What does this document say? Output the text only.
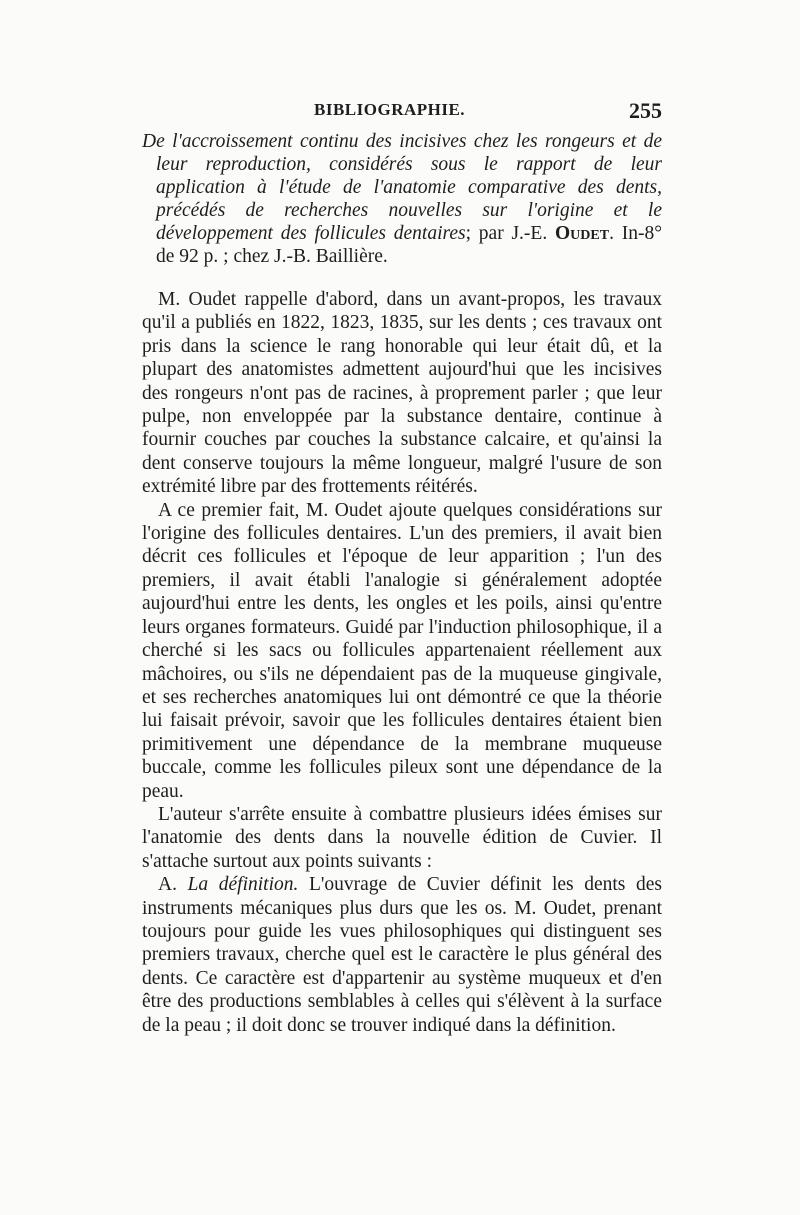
BIBLIOGRAPHIE.	255

De l'accroissement continu des incisives chez les rongeurs et de leur reproduction, considérés sous le rapport de leur application à l'étude de l'anatomie comparative des dents, précédés de recherches nouvelles sur l'origine et le développement des follicules dentaires; par J.-E. Oudet. In-8° de 92 p. ; chez J.-B. Baillière.

M. Oudet rappelle d'abord, dans un avant-propos, les travaux qu'il a publiés en 1822, 1823, 1835, sur les dents ; ces travaux ont pris dans la science le rang honorable qui leur était dû, et la plupart des anatomistes admettent aujourd'hui que les incisives des rongeurs n'ont pas de racines, à proprement parler ; que leur pulpe, non enveloppée par la substance dentaire, continue à fournir couches par couches la substance calcaire, et qu'ainsi la dent conserve toujours la même longueur, malgré l'usure de son extrémité libre par des frottements réitérés.

A ce premier fait, M. Oudet ajoute quelques considérations sur l'origine des follicules dentaires. L'un des premiers, il avait bien décrit ces follicules et l'époque de leur apparition ; l'un des premiers, il avait établi l'analogie si généralement adoptée aujourd'hui entre les dents, les ongles et les poils, ainsi qu'entre leurs organes formateurs. Guidé par l'induction philosophique, il a cherché si les sacs ou follicules appartenaient réellement aux mâchoires, ou s'ils ne dépendaient pas de la muqueuse gingivale, et ses recherches anatomiques lui ont démontré ce que la théorie lui faisait prévoir, savoir que les follicules dentaires étaient bien primitivement une dépendance de la membrane muqueuse buccale, comme les follicules pileux sont une dépendance de la peau.

L'auteur s'arrête ensuite à combattre plusieurs idées émises sur l'anatomie des dents dans la nouvelle édition de Cuvier. Il s'attache surtout aux points suivants :

A. La définition. L'ouvrage de Cuvier définit les dents des instruments mécaniques plus durs que les os. M. Oudet, prenant toujours pour guide les vues philosophiques qui distinguent ses premiers travaux, cherche quel est le caractère le plus général des dents. Ce caractère est d'appartenir au système muqueux et d'en être des productions semblables à celles qui s'élèvent à la surface de la peau ; il doit donc se trouver indiqué dans la définition.
